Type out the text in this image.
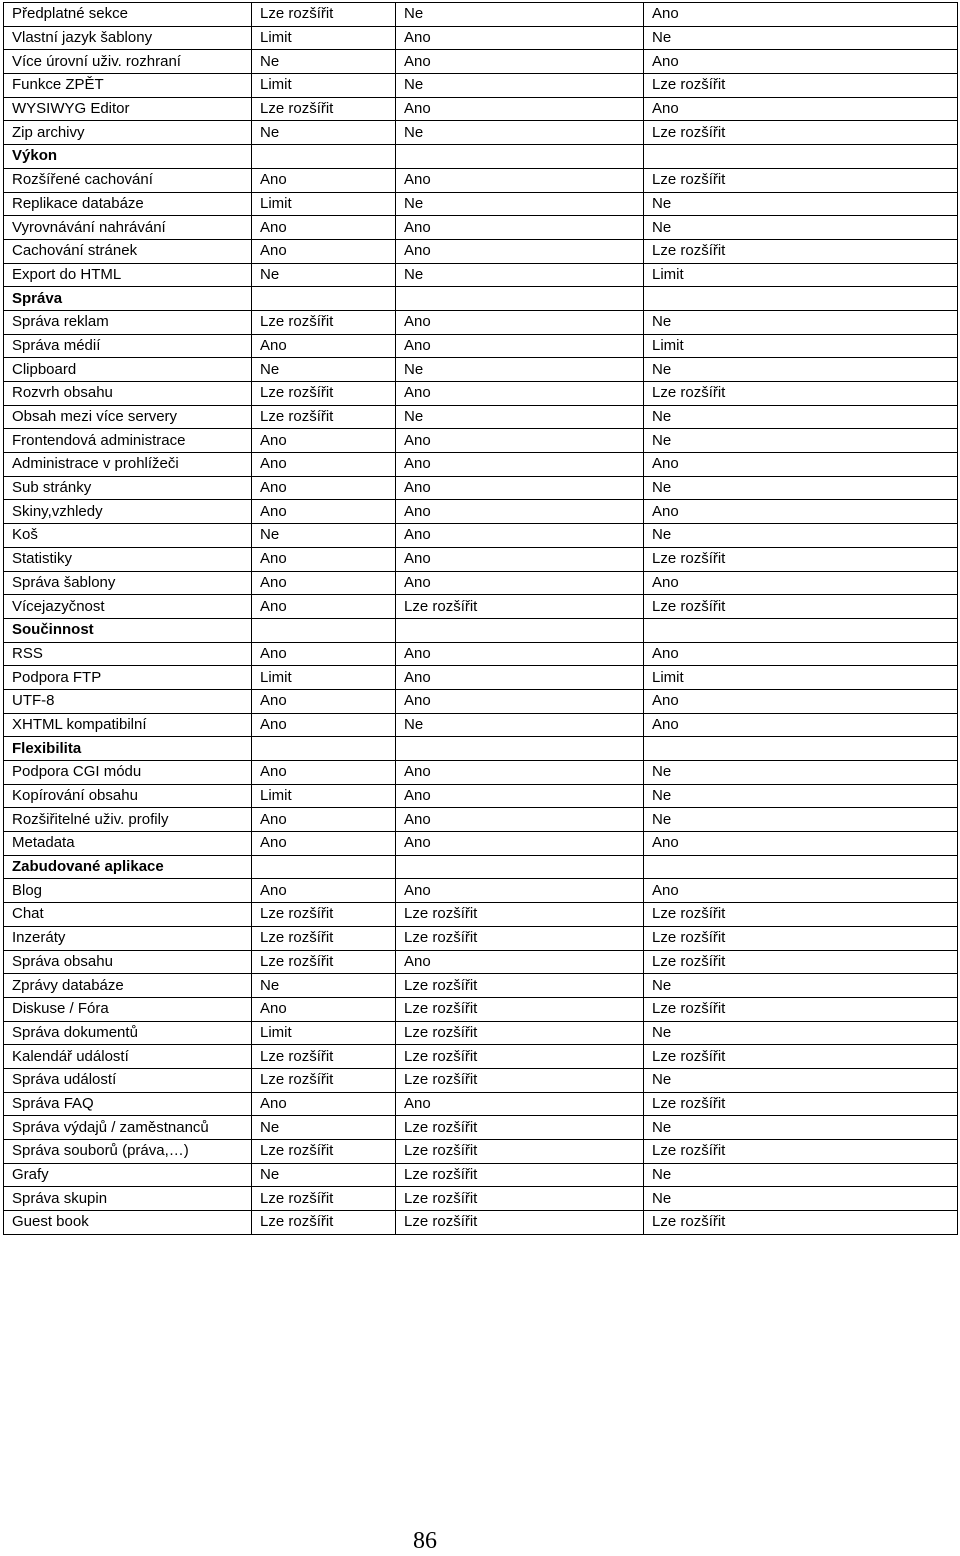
Předplatné sekce	Lze rozšířit	Ne	Ano
Vlastní jazyk šablony	Limit	Ano	Ne
Více úrovní uživ. rozhraní	Ne	Ano	Ano
Funkce ZPĚT	Limit	Ne	Lze rozšířit
WYSIWYG Editor	Lze rozšířit	Ano	Ano
Zip archivy	Ne	Ne	Lze rozšířit
Výkon			
Rozšířené cachování	Ano	Ano	Lze rozšířit
Replikace databáze	Limit	Ne	Ne
Vyrovnávání nahrávání	Ano	Ano	Ne
Cachování stránek	Ano	Ano	Lze rozšířit
Export do HTML	Ne	Ne	Limit
Správa			
Správa reklam	Lze rozšířit	Ano	Ne
Správa médií	Ano	Ano	Limit
Clipboard	Ne	Ne	Ne
Rozvrh obsahu	Lze rozšířit	Ano	Lze rozšířit
Obsah mezi více servery	Lze rozšířit	Ne	Ne
Frontendová administrace	Ano	Ano	Ne
Administrace v prohlížeči	Ano	Ano	Ano
Sub stránky	Ano	Ano	Ne
Skiny,vzhledy	Ano	Ano	Ano
Koš	Ne	Ano	Ne
Statistiky	Ano	Ano	Lze rozšířit
Správa šablony	Ano	Ano	Ano
Vícejazyčnost	Ano	Lze rozšířit	Lze rozšířit
Součinnost			
RSS	Ano	Ano	Ano
Podpora FTP	Limit	Ano	Limit
UTF-8	Ano	Ano	Ano
XHTML kompatibilní	Ano	Ne	Ano
Flexibilita			
Podpora CGI módu	Ano	Ano	Ne
Kopírování obsahu	Limit	Ano	Ne
Rozšiřitelné uživ. profily	Ano	Ano	Ne
Metadata	Ano	Ano	Ano
Zabudované aplikace			
Blog	Ano	Ano	Ano
Chat	Lze rozšířit	Lze rozšířit	Lze rozšířit
Inzeráty	Lze rozšířit	Lze rozšířit	Lze rozšířit
Správa obsahu	Lze rozšířit	Ano	Lze rozšířit
Zprávy databáze	Ne	Lze rozšířit	Ne
Diskuse / Fóra	Ano	Lze rozšířit	Lze rozšířit
Správa dokumentů	Limit	Lze rozšířit	Ne
Kalendář událostí	Lze rozšířit	Lze rozšířit	Lze rozšířit
Správa událostí	Lze rozšířit	Lze rozšířit	Ne
Správa FAQ	Ano	Ano	Lze rozšířit
Správa výdajů / zaměstnanců	Ne	Lze rozšířit	Ne
Správa souborů (práva,…)	Lze rozšířit	Lze rozšířit	Lze rozšířit
Grafy	Ne	Lze rozšířit	Ne
Správa skupin	Lze rozšířit	Lze rozšířit	Ne
Guest book	Lze rozšířit	Lze rozšířit	Lze rozšířit
86
